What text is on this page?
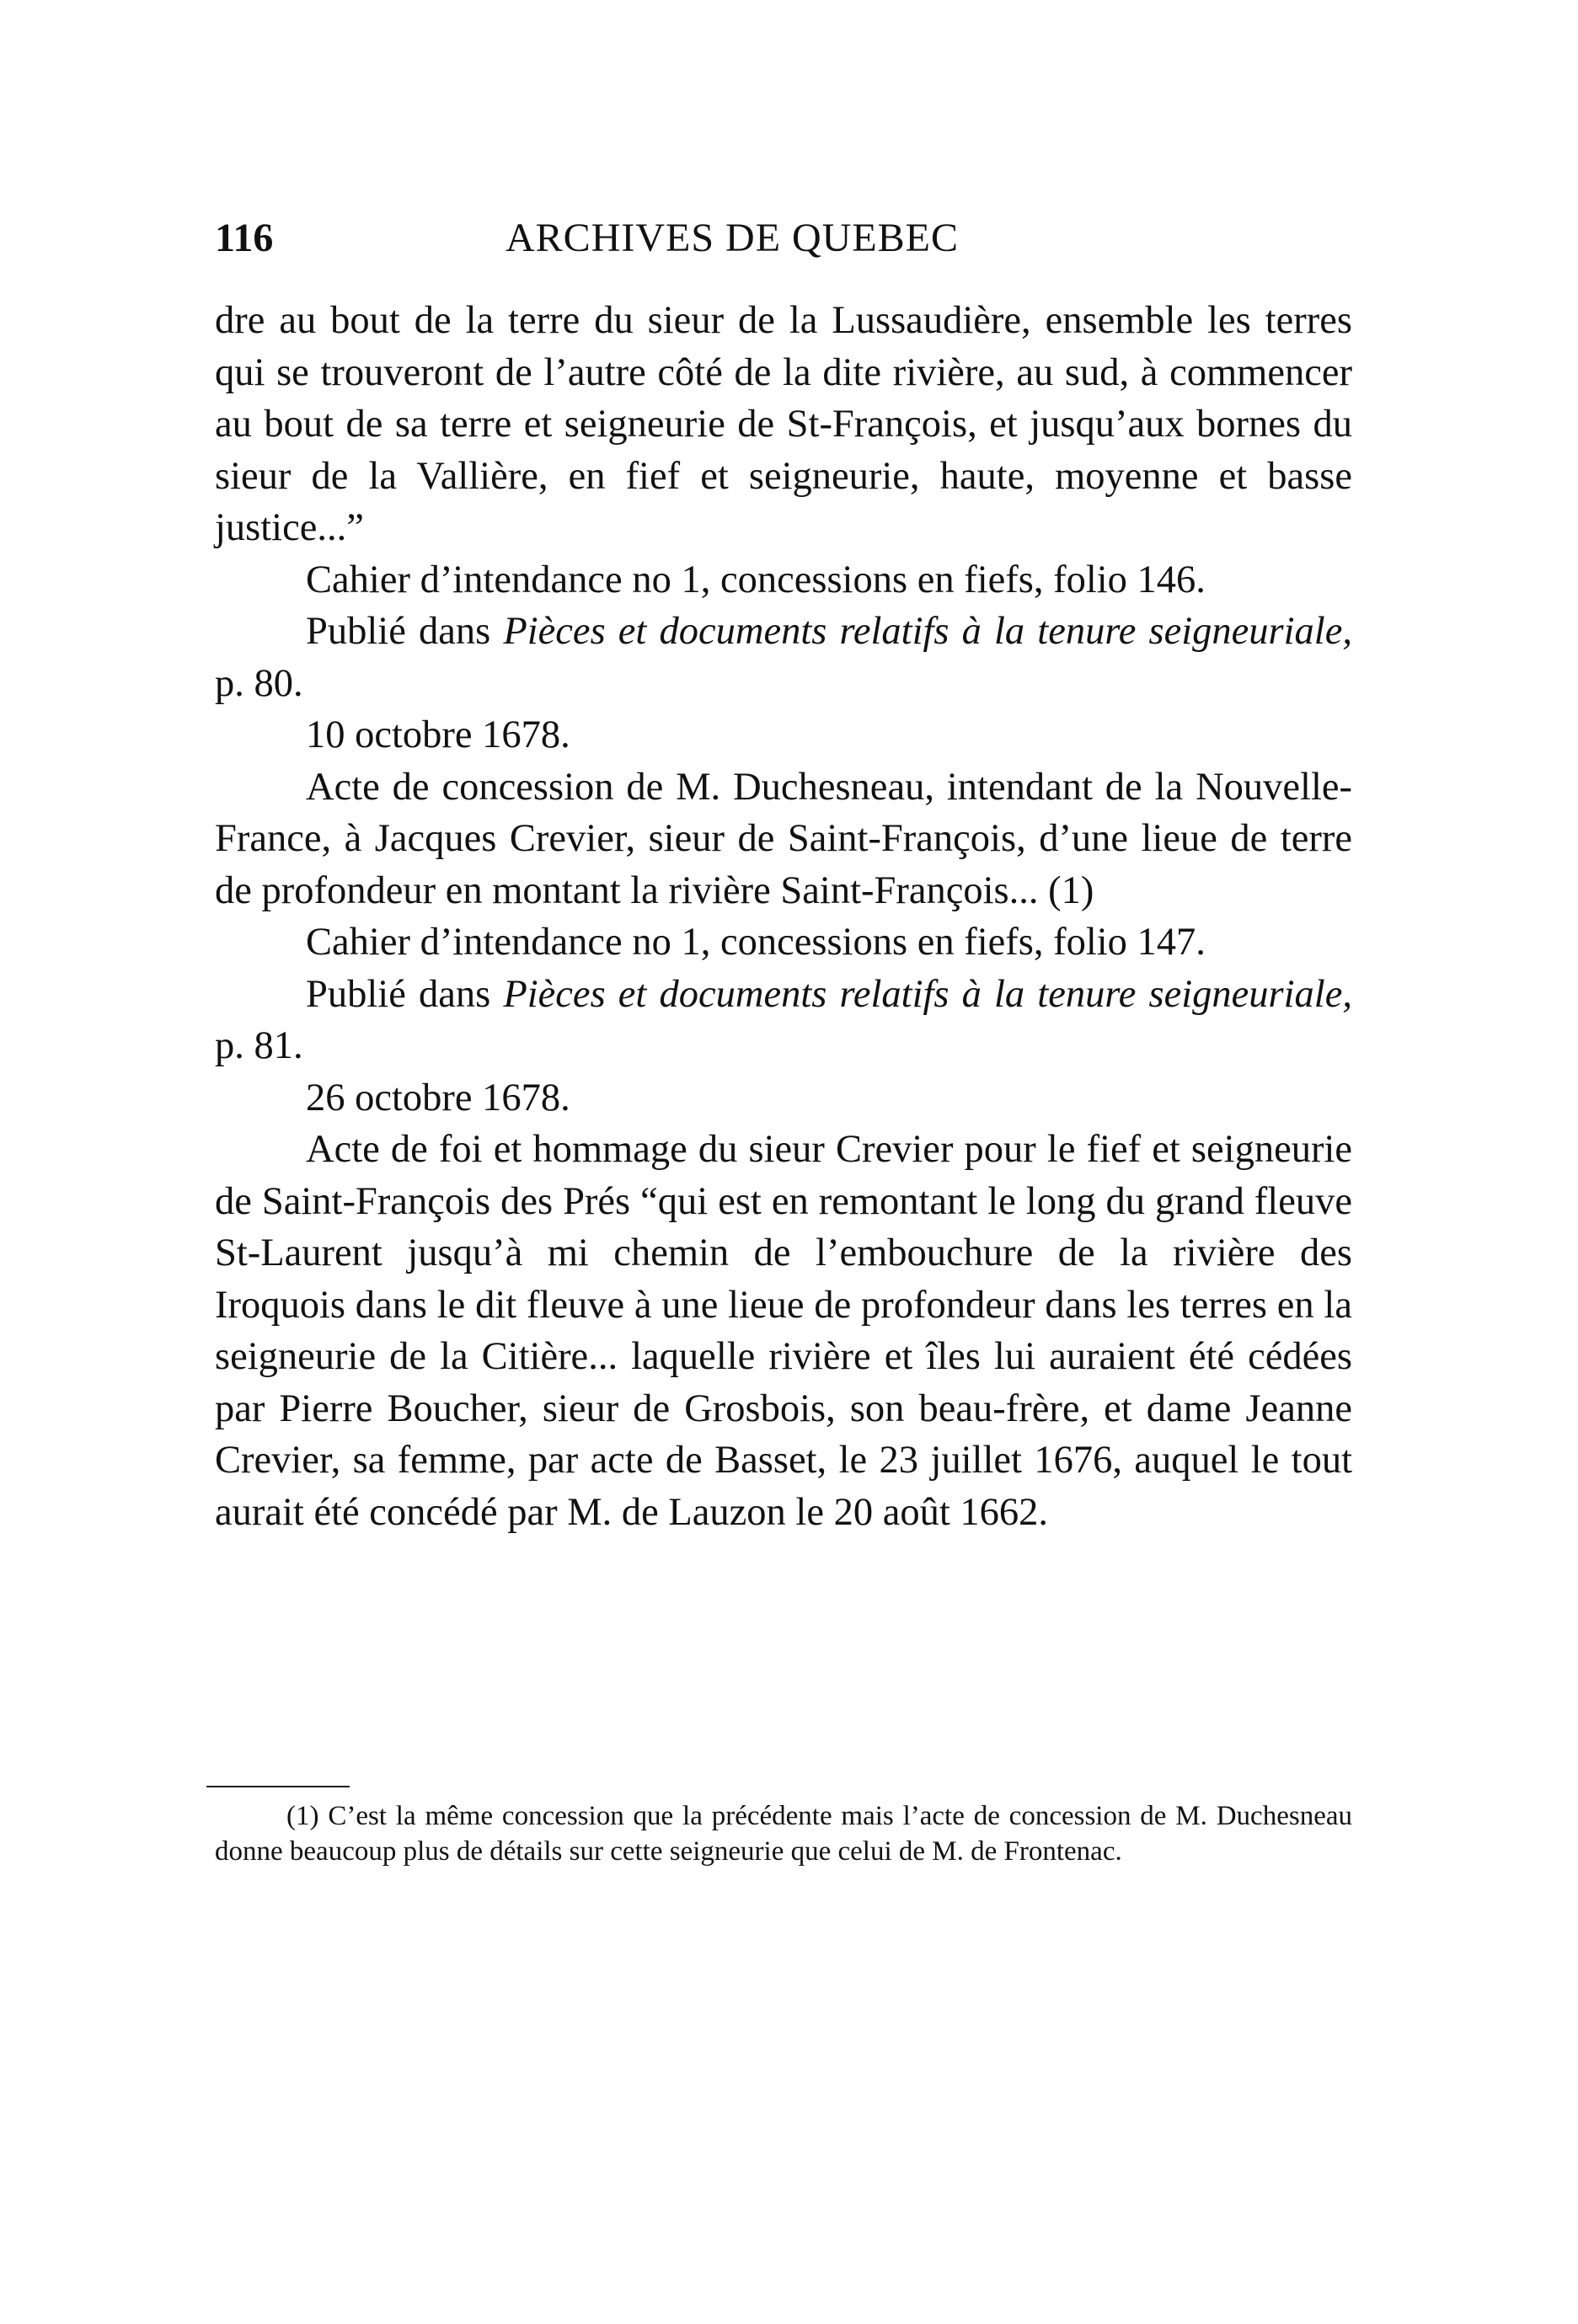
116	ARCHIVES DE QUEBEC

dre au bout de la terre du sieur de la Lussaudière, ensemble les terres qui se trouveront de l’autre côté de la dite rivière, au sud, à commencer au bout de sa terre et seigneurie de St-François, et jusqu’aux bornes du sieur de la Vallière, en fief et seigneurie, haute, moyenne et basse justice...”

Cahier d’intendance no 1, concessions en fiefs, folio 146.

Publié dans Pièces et documents relatifs à la tenure seigneuriale, p. 80.

10 octobre 1678.

Acte de concession de M. Duchesneau, intendant de la Nouvelle-France, à Jacques Crevier, sieur de Saint-François, d’une lieue de terre de profondeur en montant la rivière Saint-François... (1)

Cahier d’intendance no 1, concessions en fiefs, folio 147.

Publié dans Pièces et documents relatifs à la tenure seigneuriale, p. 81.

26 octobre 1678.

Acte de foi et hommage du sieur Crevier pour le fief et seigneurie de Saint-François des Prés “qui est en remontant le long du grand fleuve St-Laurent jusqu’à mi chemin de l’embouchure de la rivière des Iroquois dans le dit fleuve à une lieue de profondeur dans les terres en la seigneurie de la Citière... laquelle rivière et îles lui auraient été cédées par Pierre Boucher, sieur de Grosbois, son beau-frère, et dame Jeanne Crevier, sa femme, par acte de Basset, le 23 juillet 1676, auquel le tout aurait été concédé par M. de Lauzon le 20 août 1662.

(1) C’est la même concession que la précédente mais l’acte de concession de M. Duchesneau donne beaucoup plus de détails sur cette seigneurie que celui de M. de Frontenac.
